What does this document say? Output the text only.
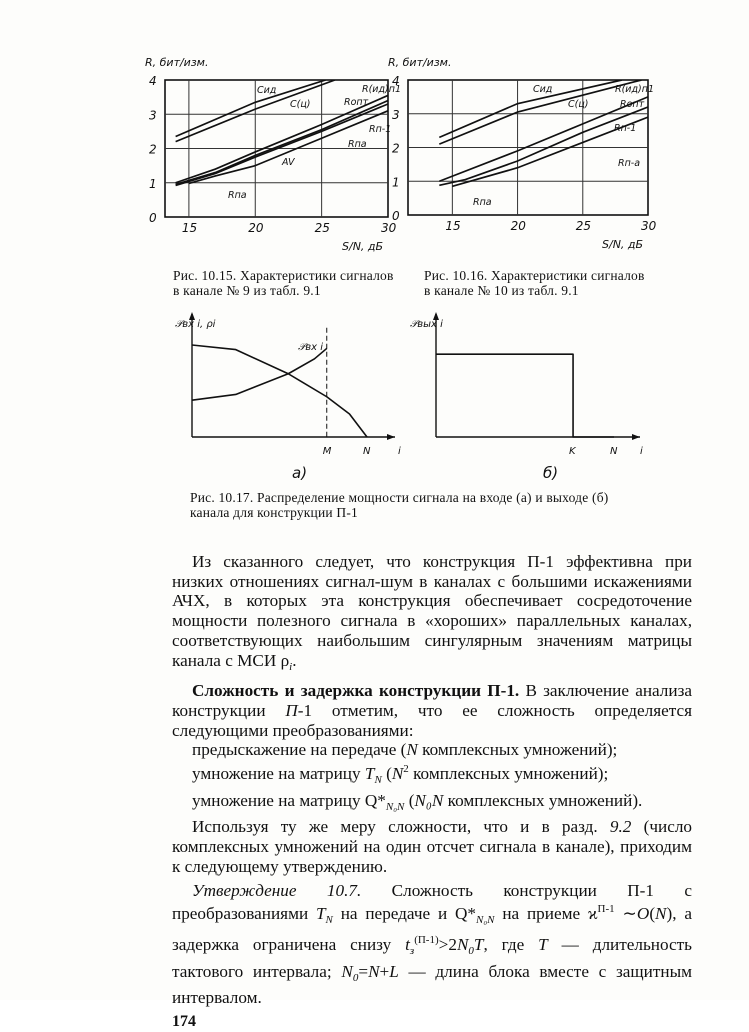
0
1
2
3
4
15	20	25	30
R, бит/изм.
S/N, дБ
0
1
2
3
4
15	20	25	30
R, бит/изм.
S/N, дБ
Cид
C(ц)
R(ид)п1
Rопт
Rп-1
Rпа
AV
Rпа
Cид
C(ц)
R(ид)п1
Rопт
Rп-1
Rп-а
Rпа
M	N	i
𝒫вх i
𝒫вх i, ρi
а)
K	N i
𝒫вых i
б)
Рис. 10.15. Характеристики сигналов
в канале № 9 из табл. 9.1
Рис. 10.16. Характеристики сигналов
в канале № 10 из табл. 9.1
Рис. 10.17. Распределение мощности сигнала на входе (а) и выходе (б)
канала для конструкции П-1

Из сказанного следует, что конструкция П-1 эффективна при низких отношениях сигнал-шум в каналах с большими искажениями АЧХ, в которых эта конструкция обеспечивает сосредоточение мощности полезного сигнала в «хороших» параллельных каналах, соответствующих наибольшим сингулярным значениям матрицы канала с МСИ $\rho_i$.

Сложность и задержка конструкции П-1. В заключение анализа конструкции П-1 отметим, что ее сложность определяется следующими преобразованиями:

предыскажение на передаче (N комплексных умножений);

умножение на матрицу $T_N$ ($N^2$ комплексных умножений);

умножение на матрицу $Q*_{N_0N}$ (N₀N комплексных умножений).

Используя ту же меру сложности, что и в разд. 9.2 (число комплексных умножений на один отсчет сигнала в канале), приходим к следующему утверждению.

Утверждение 10.7. Сложность конструкции П-1 с преобразованиями $T_N$ на передаче и $Q*_{N_0N}$ на приеме $ϰ^{П-1}$ ∼O(N), а задержка ограничена снизу $t_з^{(П-1)}>2N_0T$, где T — длительность тактового интервала; $N_0=N+L$ — длина блока вместе с защитным интервалом.

174
